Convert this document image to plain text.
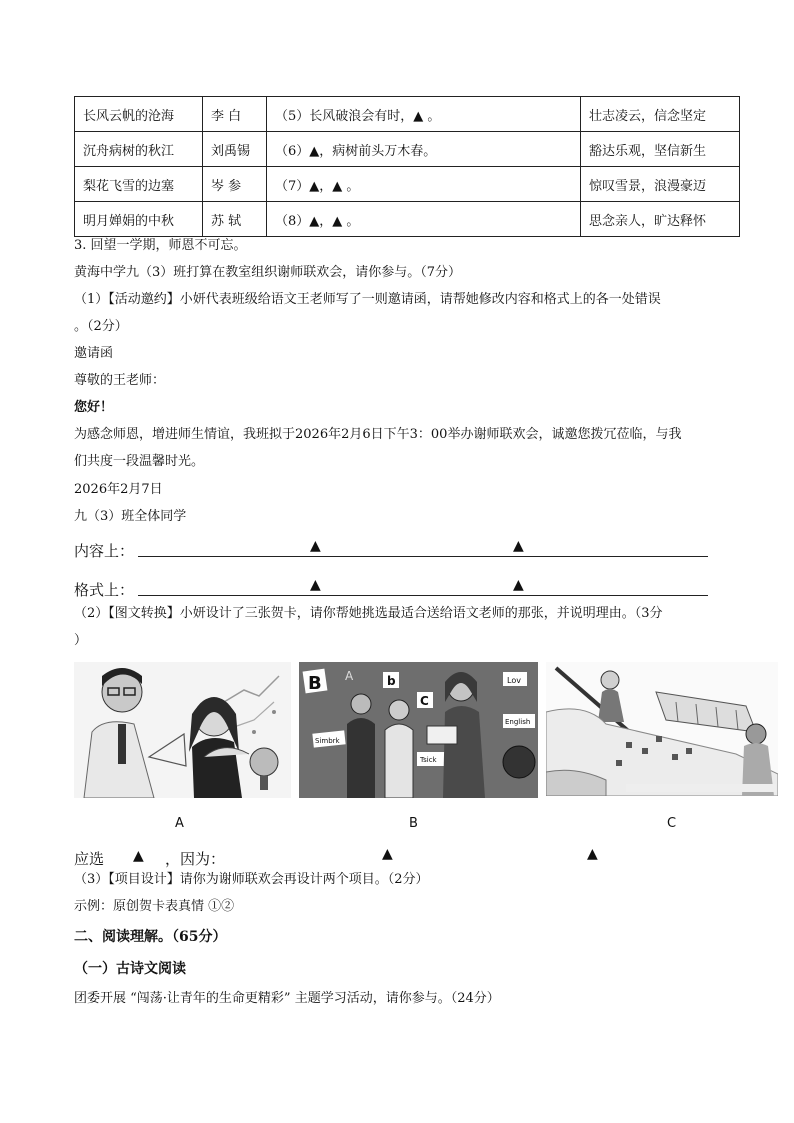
长风云帆的沧海	李 白	（5）长风破浪会有时，▲ 。	壮志凌云，信念坚定
沉舟病树的秋江	刘禹锡	（6）▲，病树前头万木春。	豁达乐观，坚信新生
梨花飞雪的边塞	岑 参	（7）▲，▲ 。	惊叹雪景，浪漫豪迈
明月婵娟的中秋	苏 轼	（8）▲，▲ 。	思念亲人，旷达释怀
3. 回望一学期，师恩不可忘。
黄海中学九（3）班打算在教室组织谢师联欢会，请你参与。（7分）
（1）【活动邀约】小妍代表班级给语文王老师写了一则邀请函，请帮她修改内容和格式上的各一处错误
。（2分）
邀请函
尊敬的王老师：
您好！
为感念师恩，增进师生情谊，我班拟于2026年2月6日下午3：00举办谢师联欢会，诚邀您拨冗莅临，与我
们共度一段温馨时光。
2026年2月7日
九（3）班全体同学
内容上：	▲	▲
格式上：	▲	▲
（2）【图文转换】小妍设计了三张贺卡，请你帮她挑选最适合送给语文老师的那张，并说明理由。（3分
）
B A	b
C
Lov
English
Simbrk
Tsick
A	B	C
应选 ▲ ，因为：	▲	▲
（3）【项目设计】请你为谢师联欢会再设计两个项目。（2分）
示例：原创贺卡表真情 ①②
二、阅读理解。（65分）
（一）古诗文阅读
团委开展 “闯荡·让青年的生命更精彩” 主题学习活动，请你参与。（24分）
